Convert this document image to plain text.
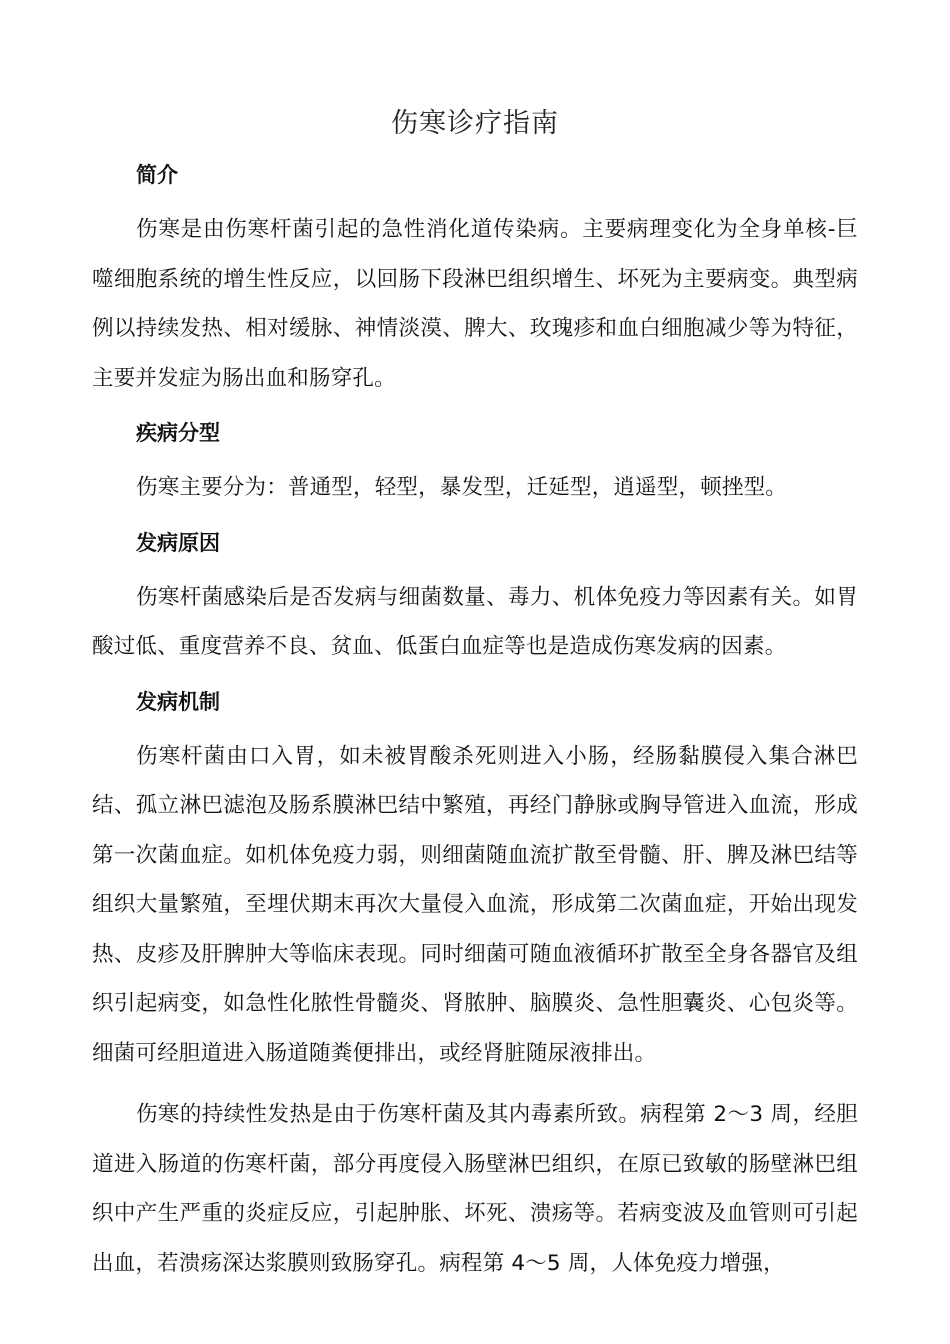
伤寒诊疗指南
简介

伤寒是由伤寒杆菌引起的急性消化道传染病。主要病理变化为全身单核-巨噬细胞系统的增生性反应，以回肠下段淋巴组织增生、坏死为主要病变。典型病例以持续发热、相对缓脉、神情淡漠、脾大、玫瑰疹和血白细胞减少等为特征，主要并发症为肠出血和肠穿孔。

疾病分型

伤寒主要分为：普通型，轻型，暴发型，迁延型，逍遥型，顿挫型。

发病原因

伤寒杆菌感染后是否发病与细菌数量、毒力、机体免疫力等因素有关。如胃酸过低、重度营养不良、贫血、低蛋白血症等也是造成伤寒发病的因素。

发病机制

伤寒杆菌由口入胃，如未被胃酸杀死则进入小肠，经肠黏膜侵入集合淋巴结、孤立淋巴滤泡及肠系膜淋巴结中繁殖，再经门静脉或胸导管进入血流，形成第一次菌血症。如机体免疫力弱，则细菌随血流扩散至骨髓、肝、脾及淋巴结等组织大量繁殖，至埋伏期末再次大量侵入血流，形成第二次菌血症，开始出现发热、皮疹及肝脾肿大等临床表现。同时细菌可随血液循环扩散至全身各器官及组织引起病变，如急性化脓性骨髓炎、肾脓肿、脑膜炎、急性胆囊炎、心包炎等。细菌可经胆道进入肠道随粪便排出，或经肾脏随尿液排出。

伤寒的持续性发热是由于伤寒杆菌及其内毒素所致。病程第 2～3 周，经胆道进入肠道的伤寒杆菌，部分再度侵入肠壁淋巴组织，在原已致敏的肠壁淋巴组织中产生严重的炎症反应，引起肿胀、坏死、溃疡等。若病变波及血管则可引起出血，若溃疡深达浆膜则致肠穿孔。病程第 4～5 周，人体免疫力增强，
